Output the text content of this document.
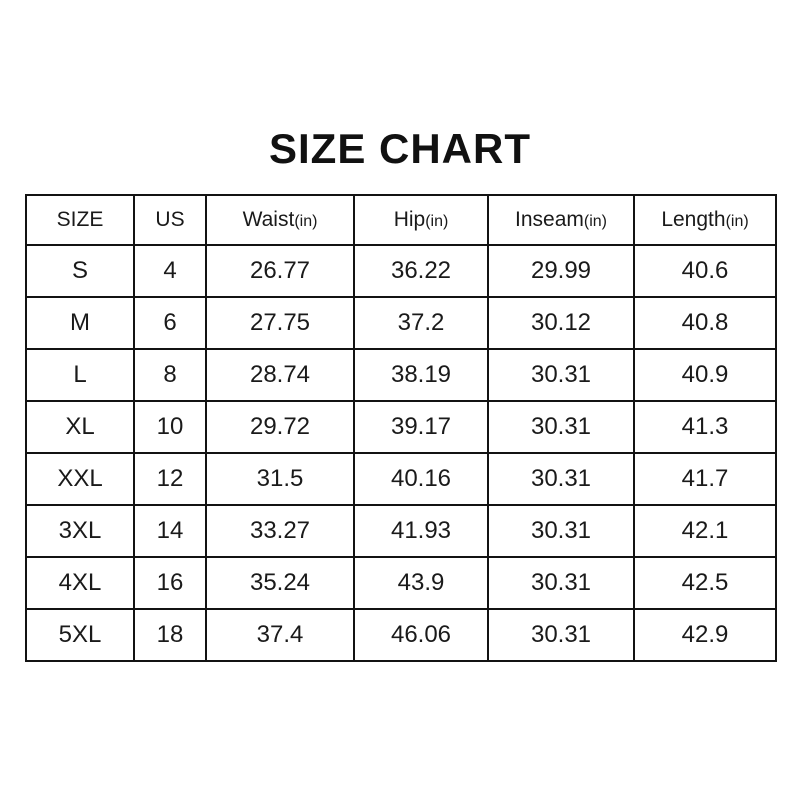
SIZE CHART
SIZE	US	Waist(in)	Hip(in)	Inseam(in)	Length(in)
S	4	26.77	36.22	29.99	40.6
M	6	27.75	37.2	30.12	40.8
L	8	28.74	38.19	30.31	40.9
XL	10	29.72	39.17	30.31	41.3
XXL	12	31.5	40.16	30.31	41.7
3XL	14	33.27	41.93	30.31	42.1
4XL	16	35.24	43.9	30.31	42.5
5XL	18	37.4	46.06	30.31	42.9
